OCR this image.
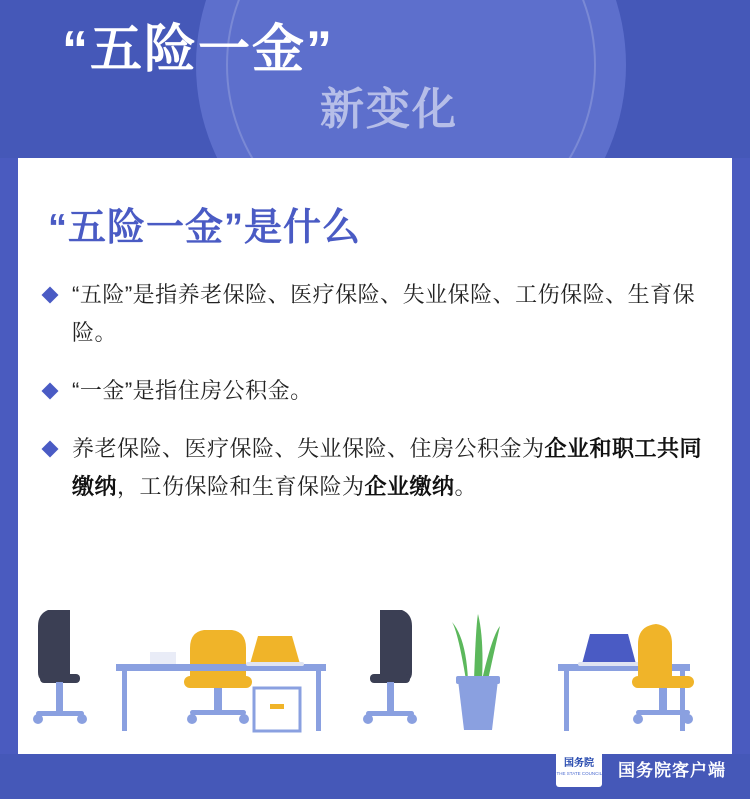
“五险一金”
新变化
“五险一金”是什么
“五险”是指养老保险、医疗保险、失业保险、工伤保险、生育保险。
“一金”是指住房公积金。
养老保险、医疗保险、失业保险、住房公积金为企业和职工共同缴纳，工伤保险和生育保险为企业缴纳。
国务院
THE STATE COUNCIL 国务院客户端
